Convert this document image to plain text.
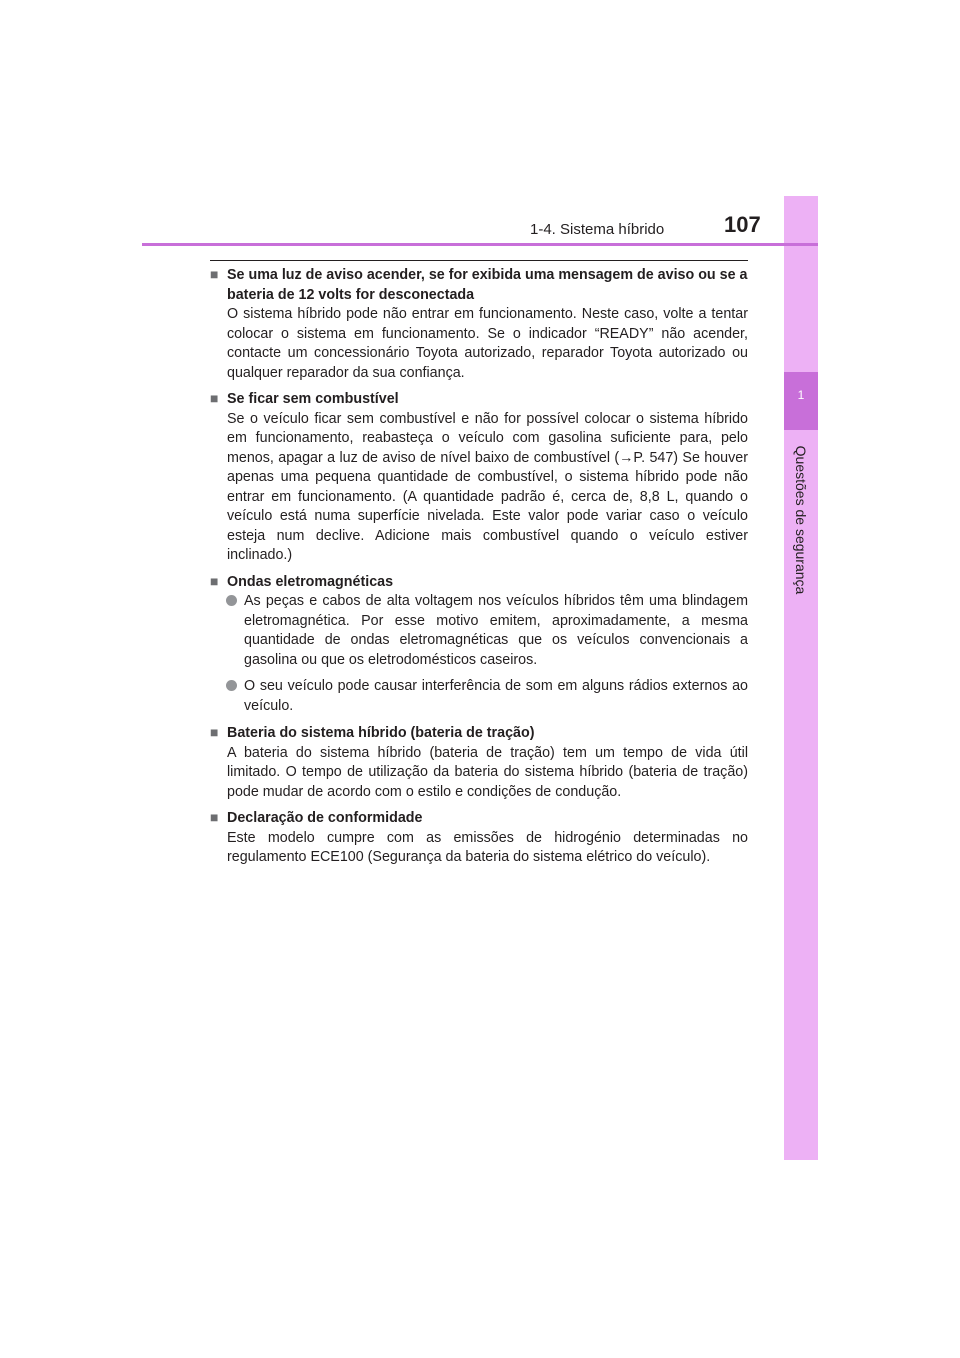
1
Questões de segurança
1-4. Sistema híbrido	107
■ Se uma luz de aviso acender, se for exibida uma mensagem de aviso ou se a bateria de 12 volts for desconectada
O sistema híbrido pode não entrar em funcionamento. Neste caso, volte a tentar colocar o sistema em funcionamento. Se o indicador “READY” não acender, contacte um concessionário Toyota autorizado, reparador Toyota autorizado ou qualquer reparador da sua confiança.
■ Se ficar sem combustível
Se o veículo ficar sem combustível e não for possível colocar o sistema híbrido em funcionamento, reabasteça o veículo com gasolina suficiente para, pelo menos, apagar a luz de aviso de nível baixo de combustível (→P. 547) Se houver apenas uma pequena quantidade de combustível, o sistema híbrido pode não entrar em funcionamento. (A quantidade padrão é, cerca de, 8,8 L, quando o veículo está numa superfície nivelada. Este valor pode variar caso o veículo esteja num declive. Adicione mais combustível quando o veículo estiver inclinado.)
■ Ondas eletromagnéticas
As peças e cabos de alta voltagem nos veículos híbridos têm uma blindagem eletromagnética. Por esse motivo emitem, aproximadamente, a mesma quantidade de ondas eletromagnéticas que os veículos convencionais a gasolina ou que os eletrodomésticos caseiros.
O seu veículo pode causar interferência de som em alguns rádios externos ao veículo.
■ Bateria do sistema híbrido (bateria de tração)
A bateria do sistema híbrido (bateria de tração) tem um tempo de vida útil limitado. O tempo de utilização da bateria do sistema híbrido (bateria de tração) pode mudar de acordo com o estilo e condições de condução.
■ Declaração de conformidade
Este modelo cumpre com as emissões de hidrogénio determinadas no regulamento ECE100 (Segurança da bateria do sistema elétrico do veículo).
